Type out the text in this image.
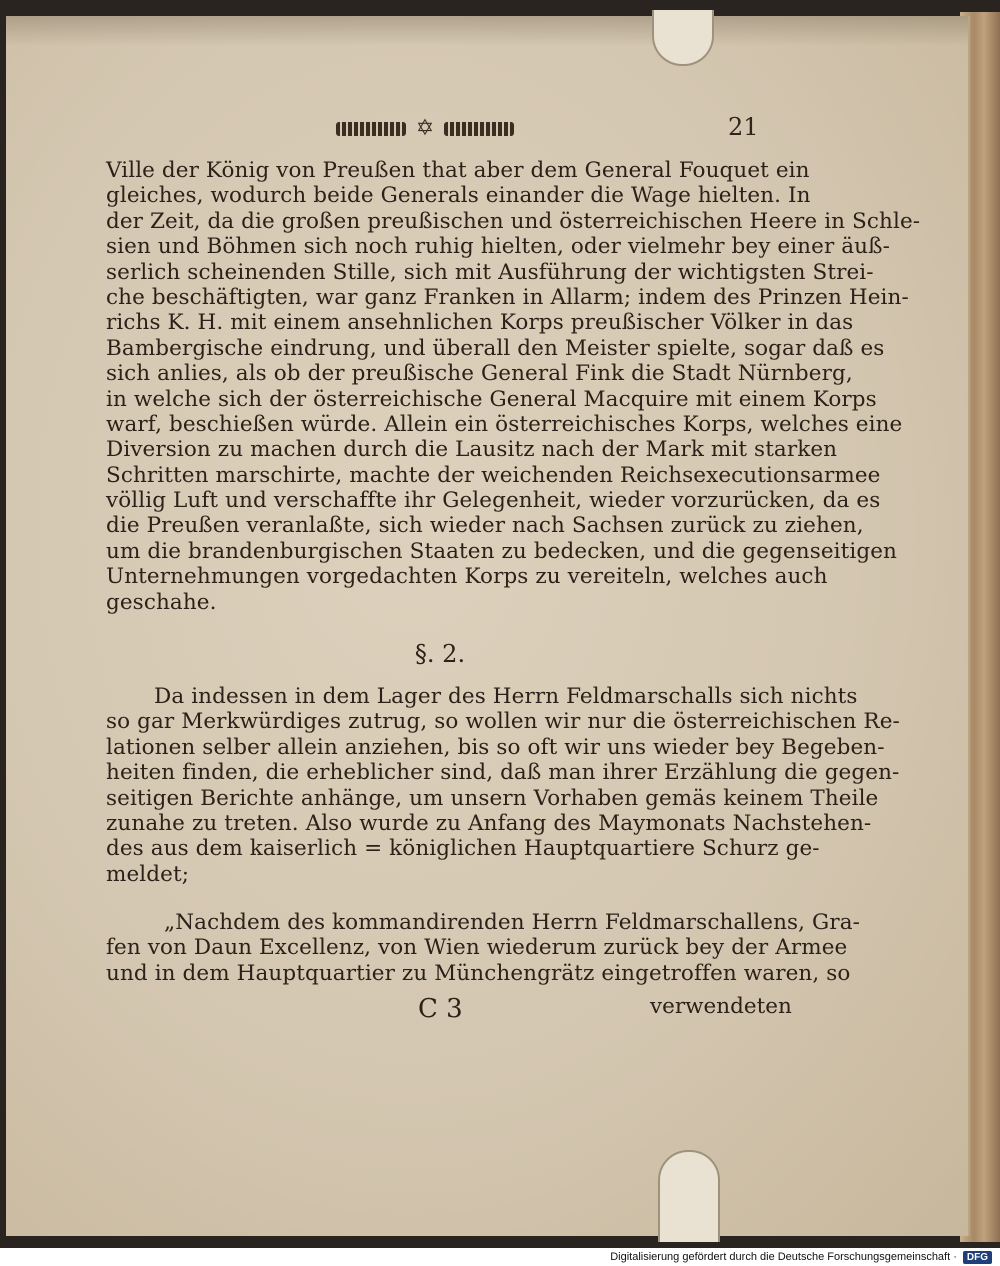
✡	21
Ville der König von Preußen that aber dem General Fouquet ein
gleiches, wodurch beide Generals einander die Wage hielten. In
der Zeit, da die großen preußischen und österreichischen Heere in Schle-
sien und Böhmen sich noch ruhig hielten, oder vielmehr bey einer äuß-
serlich scheinenden Stille, sich mit Ausführung der wichtigsten Strei-
che beschäftigten, war ganz Franken in Allarm; indem des Prinzen Hein-
richs K. H. mit einem ansehnlichen Korps preußischer Völker in das
Bambergische eindrung, und überall den Meister spielte, sogar daß es
sich anlies, als ob der preußische General Fink die Stadt Nürnberg,
in welche sich der österreichische General Macquire mit einem Korps
warf, beschießen würde. Allein ein österreichisches Korps, welches eine
Diversion zu machen durch die Lausitz nach der Mark mit starken
Schritten marschirte, machte der weichenden Reichsexecutionsarmee
völlig Luft und verschaffte ihr Gelegenheit, wieder vorzurücken, da es
die Preußen veranlaßte, sich wieder nach Sachsen zurück zu ziehen,
um die brandenburgischen Staaten zu bedecken, und die gegenseitigen
Unternehmungen vorgedachten Korps zu vereiteln, welches auch
geschahe.
§. 2.
Da indessen in dem Lager des Herrn Feldmarschalls sich nichts
so gar Merkwürdiges zutrug, so wollen wir nur die österreichischen Re-
lationen selber allein anziehen, bis so oft wir uns wieder bey Begeben-
heiten finden, die erheblicher sind, daß man ihrer Erzählung die gegen-
seitigen Berichte anhänge, um unsern Vorhaben gemäs keinem Theile
zunahe zu treten. Also wurde zu Anfang des Maymonats Nachstehen-
des aus dem kaiserlich = königlichen Hauptquartiere Schurz ge-
meldet;
„Nachdem des kommandirenden Herrn Feldmarschallens, Gra-
fen von Daun Excellenz, von Wien wiederum zurück bey der Armee
und in dem Hauptquartier zu Münchengrätz eingetroffen waren, so
C 3	verwendeten
Digitalisierung gefördert durch die Deutsche Forschungsgemeinschaft ·	DFG
